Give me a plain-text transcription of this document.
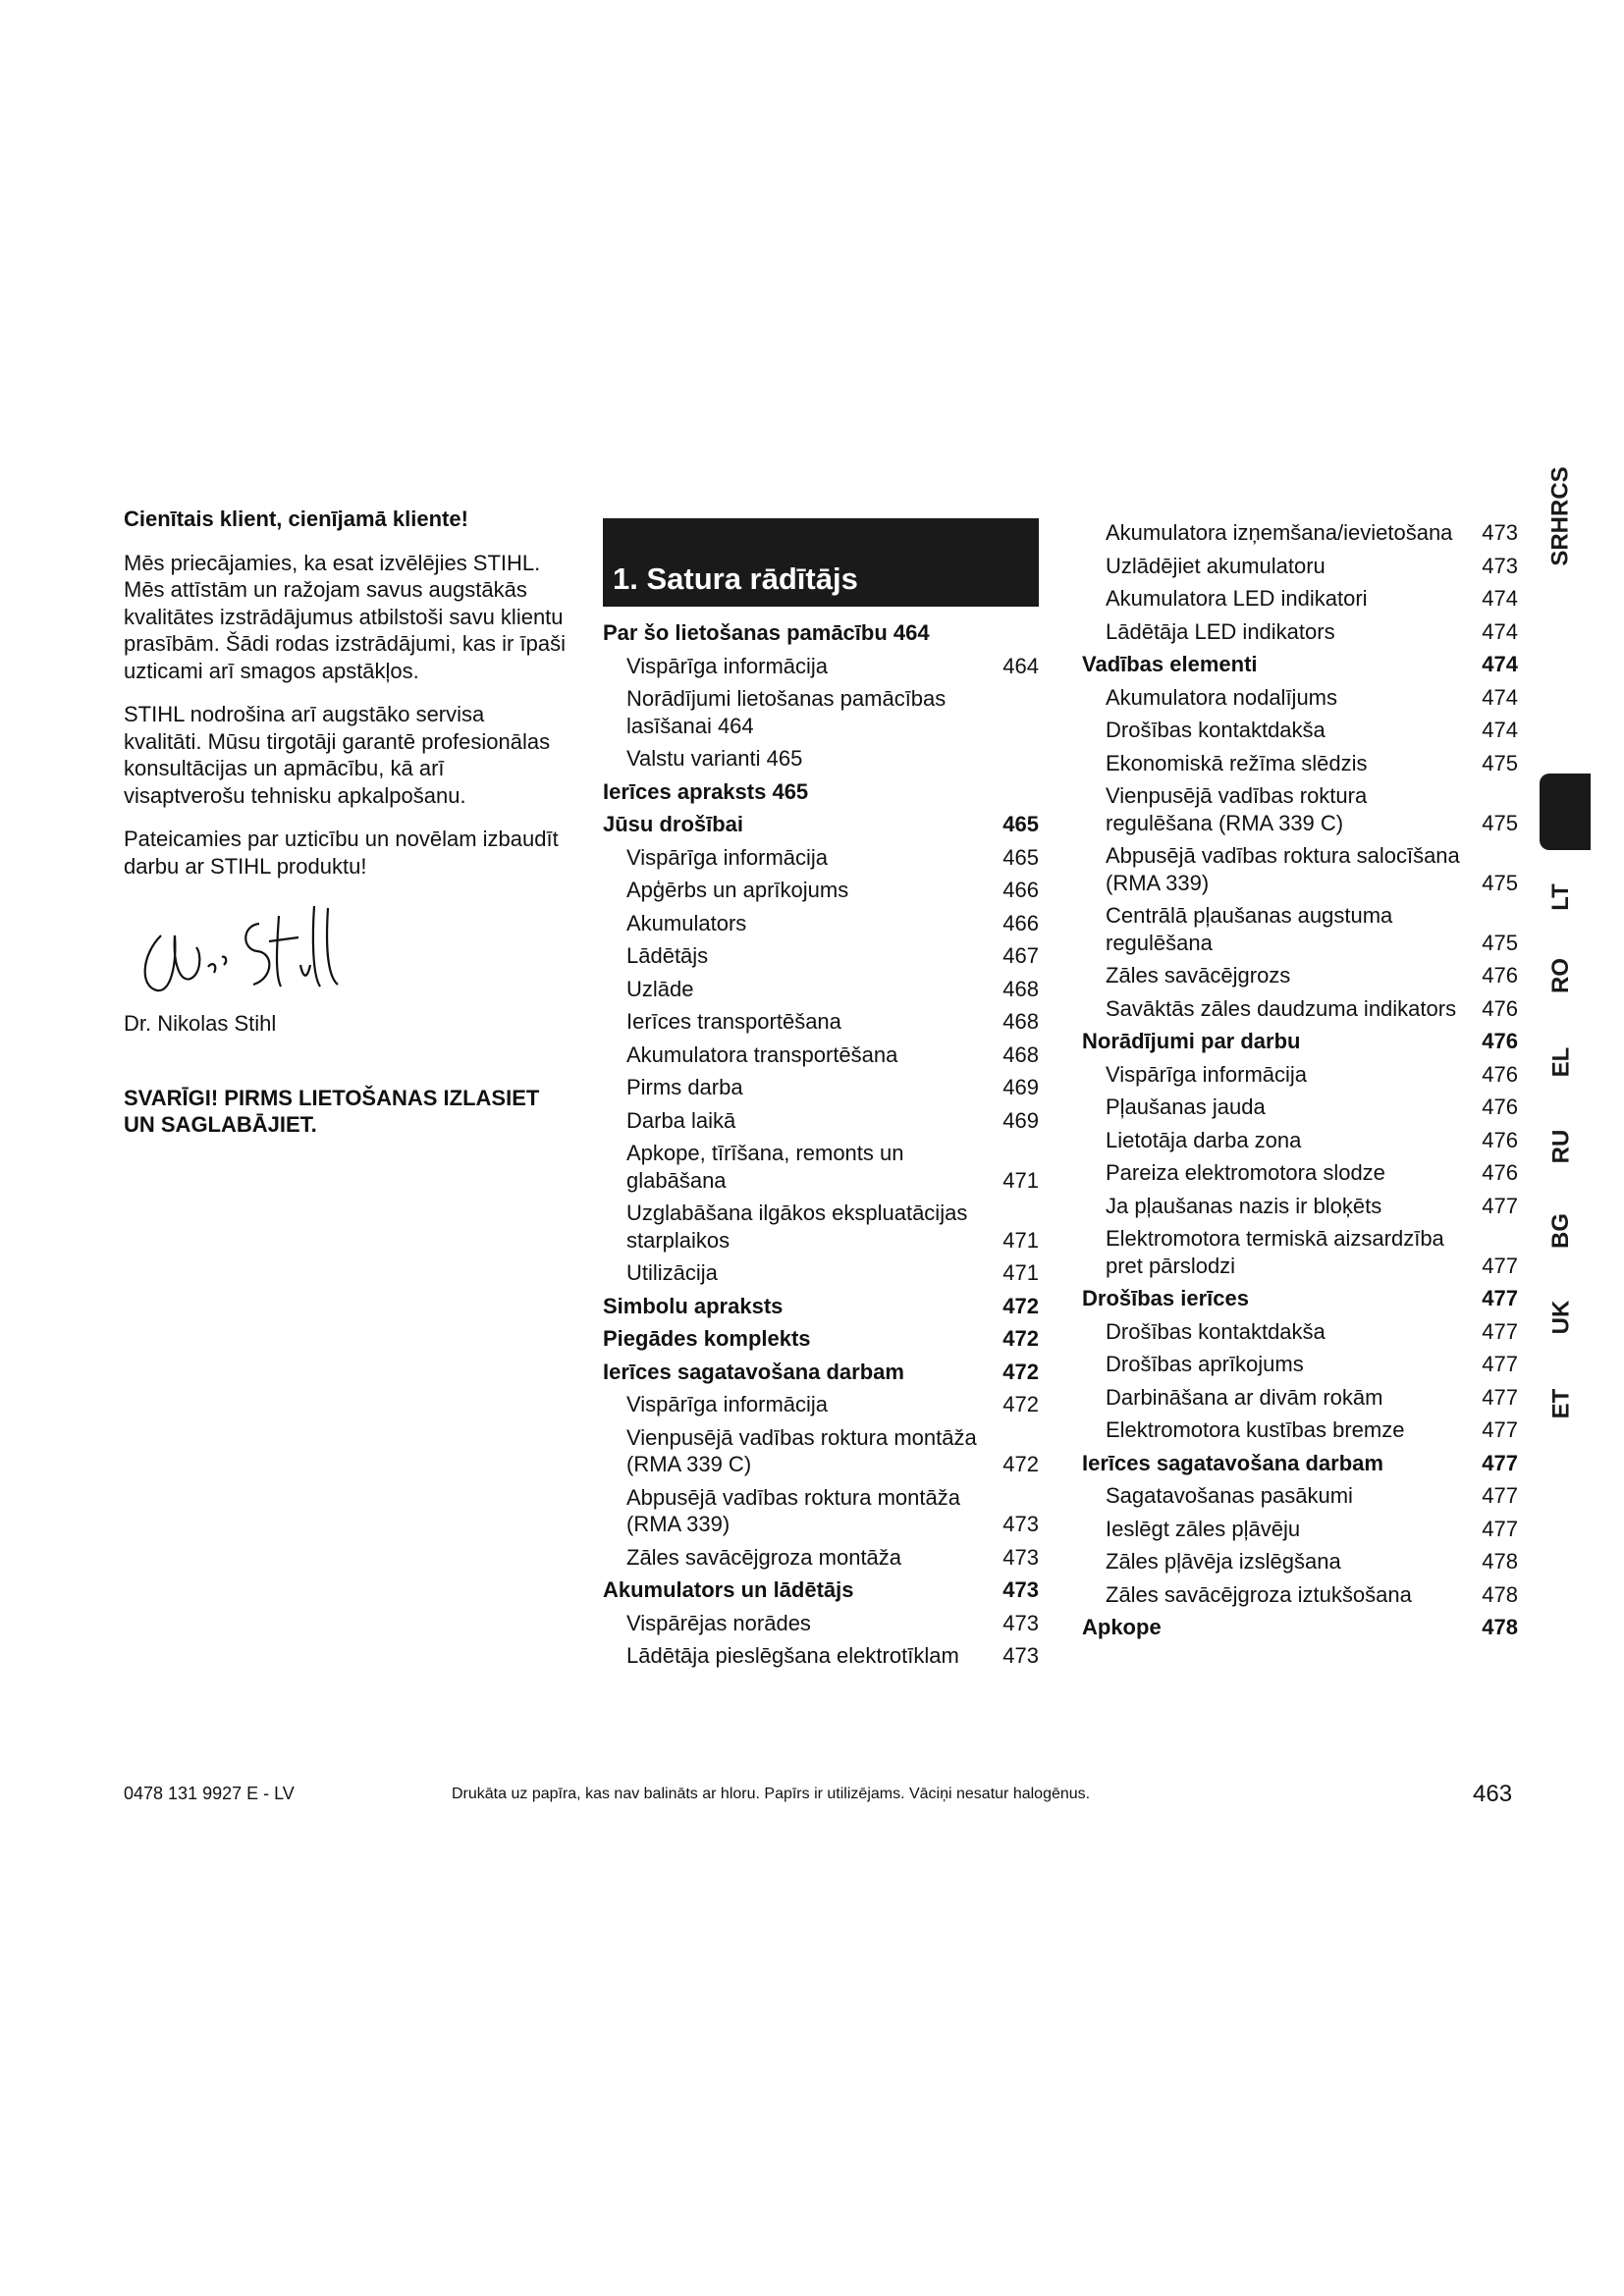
Cienītais klient, cienījamā kliente!

Mēs priecājamies, ka esat izvēlējies STIHL. Mēs attīstām un ražojam savus augstākās kvalitātes izstrādājumus atbilstoši savu klientu prasībām. Šādi rodas izstrādājumi, kas ir īpaši uzticami arī smagos apstākļos.

STIHL nodrošina arī augstāko servisa kvalitāti. Mūsu tirgotāji garantē profesionālas konsultācijas un apmācību, kā arī visaptverošu tehnisku apkalpošanu.

Pateicamies par uzticību un novēlam izbaudīt darbu ar STIHL produktu!

Dr. Nikolas Stihl

SVARĪGI! PIRMS LIETOŠANAS IZLASIET UN SAGLABĀJIET.

1. Satura rādītājs
Par šo lietošanas pamācību 464
Vispārīga informācija	464
Norādījumi lietošanas pamācības lasīšanai 464
Valstu varianti 465
Ierīces apraksts 465
Jūsu drošībai	465
Vispārīga informācija	465
Apģērbs un aprīkojums	466
Akumulators	466
Lādētājs	467
Uzlāde	468
Ierīces transportēšana	468
Akumulatora transportēšana	468
Pirms darba	469
Darba laikā	469
Apkope, tīrīšana, remonts un glabāšana	471
Uzglabāšana ilgākos ekspluatācijas starplaikos	471
Utilizācija	471
Simbolu apraksts	472
Piegādes komplekts	472
Ierīces sagatavošana darbam	472
Vispārīga informācija	472
Vienpusējā vadības roktura montāža (RMA 339 C)	472
Abpusējā vadības roktura montāža (RMA 339)	473
Zāles savācējgroza montāža	473
Akumulators un lādētājs	473
Vispārējas norādes	473
Lādētāja pieslēgšana elektrotīklam	473
Akumulatora izņemšana/ievietošana	473
Uzlādējiet akumulatoru	473
Akumulatora LED indikatori	474
Lādētāja LED indikators	474
Vadības elementi	474
Akumulatora nodalījums	474
Drošības kontaktdakša	474
Ekonomiskā režīma slēdzis	475
Vienpusējā vadības roktura regulēšana (RMA 339 C)	475
Abpusējā vadības roktura salocīšana (RMA 339)	475
Centrālā pļaušanas augstuma regulēšana	475
Zāles savācējgrozs	476
Savāktās zāles daudzuma indikators	476
Norādījumi par darbu	476
Vispārīga informācija	476
Pļaušanas jauda	476
Lietotāja darba zona	476
Pareiza elektromotora slodze	476
Ja pļaušanas nazis ir bloķēts	477
Elektromotora termiskā aizsardzība pret pārslodzi	477
Drošības ierīces	477
Drošības kontaktdakša	477
Drošības aprīkojums	477
Darbināšana ar divām rokām	477
Elektromotora kustības bremze	477
Ierīces sagatavošana darbam	477
Sagatavošanas pasākumi	477
Ieslēgt zāles pļāvēju	477
Zāles pļāvēja izslēgšana	478
Zāles savācējgroza iztukšošana	478
Apkope	478
SRHRCS
LT
RO
EL
RU
BG
UK
ET
0478 131 9927 E - LV	Drukāta uz papīra, kas nav balināts ar hloru. Papīrs ir utilizējams. Vāciņi nesatur halogēnus.	463
